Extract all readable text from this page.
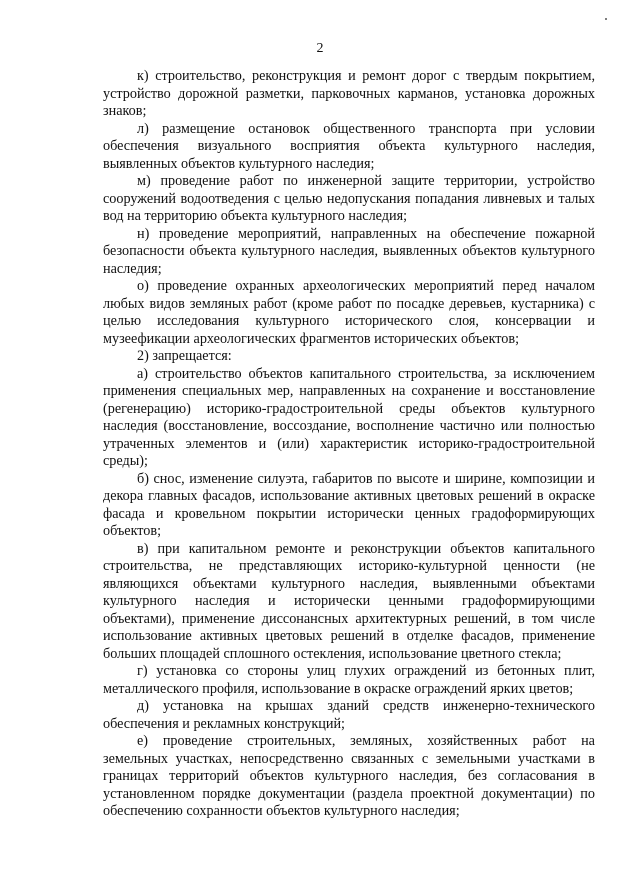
2

к) строительство, реконструкция и ремонт дорог с твердым покрытием, устройство дорожной разметки, парковочных карманов, установка дорожных знаков;

л) размещение остановок общественного транспорта при условии обеспечения визуального восприятия объекта культурного наследия, выявленных объектов культурного наследия;

м) проведение работ по инженерной защите территории, устройство сооружений водоотведения с целью недопускания попадания ливневых и талых вод на территорию объекта культурного наследия;

н) проведение мероприятий, направленных на обеспечение пожарной безопасности объекта культурного наследия, выявленных объектов культурного наследия;

о) проведение охранных археологических мероприятий перед началом любых видов земляных работ (кроме работ по посадке деревьев, кустарника) с целью исследования культурного исторического слоя, консервации и музеефикации археологических фрагментов исторических объектов;

2) запрещается:

а) строительство объектов капитального строительства, за исключением применения специальных мер, направленных на сохранение и восстановление (регенерацию) историко-градостроительной среды объектов культурного наследия (восстановление, воссоздание, восполнение частично или полностью утраченных элементов и (или) характеристик историко-градостроительной среды);

б) снос, изменение силуэта, габаритов по высоте и ширине, композиции и декора главных фасадов, использование активных цветовых решений в окраске фасада и кровельном покрытии исторически ценных градоформирующих объектов;

в) при капитальном ремонте и реконструкции объектов капитального строительства, не представляющих историко-культурной ценности (не являющихся объектами культурного наследия, выявленными объектами культурного наследия и исторически ценными градоформирующими объектами), применение диссонансных архитектурных решений, в том числе использование активных цветовых решений в отделке фасадов, применение больших площадей сплошного остекления, использование цветного стекла;

г) установка со стороны улиц глухих ограждений из бетонных плит, металлического профиля, использование в окраске ограждений ярких цветов;

д) установка на крышах зданий средств инженерно-технического обеспечения и рекламных конструкций;

е) проведение строительных, земляных, хозяйственных работ на земельных участках, непосредственно связанных с земельными участками в границах территорий объектов культурного наследия, без согласования в установленном порядке документации (раздела проектной документации) по обеспечению сохранности объектов культурного наследия;
